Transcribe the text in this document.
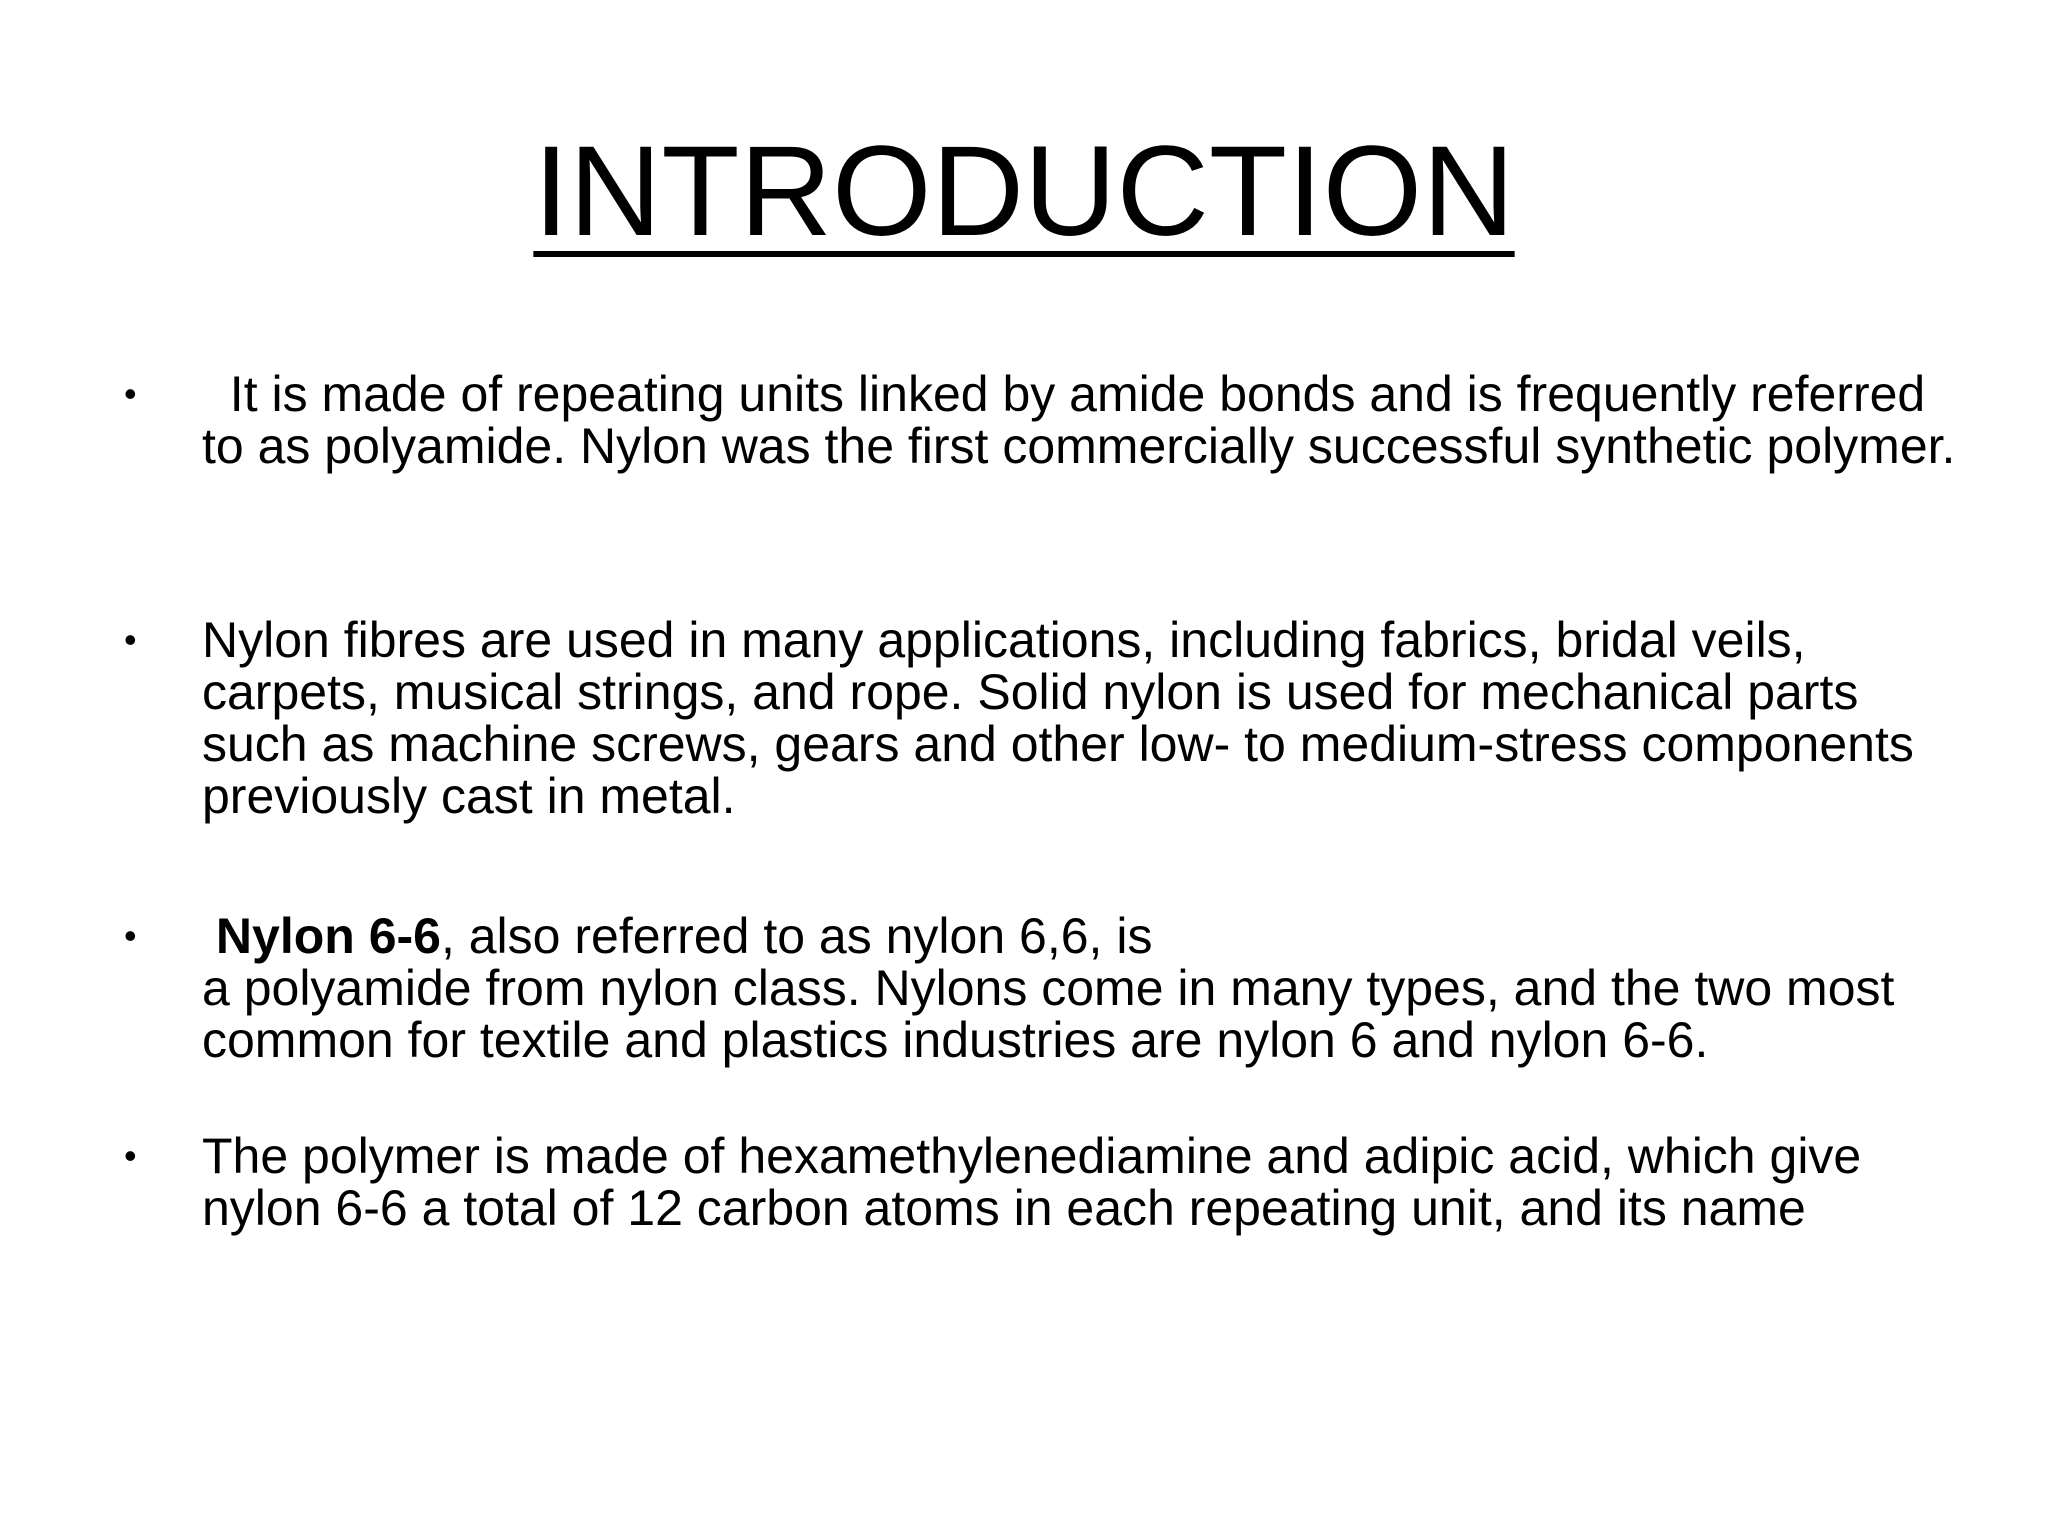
INTRODUCTION
• It is made of repeating units linked by amide bonds and is frequently referred to as polyamide. Nylon was the first commercially successful synthetic polymer.

• Nylon fibres are used in many applications, including fabrics, bridal veils, carpets, musical strings, and rope. Solid nylon is used for mechanical parts such as machine screws, gears and other low- to medium-stress components previously cast in metal.

• Nylon 6-6, also referred to as nylon 6,6, is
a polyamide from nylon class. Nylons come in many types, and the two most common for textile and plastics industries are nylon 6 and nylon 6-6.

• The polymer is made of hexamethylenediamine and adipic acid, which give nylon 6-6 a total of 12 carbon atoms in each repeating unit, and its name
